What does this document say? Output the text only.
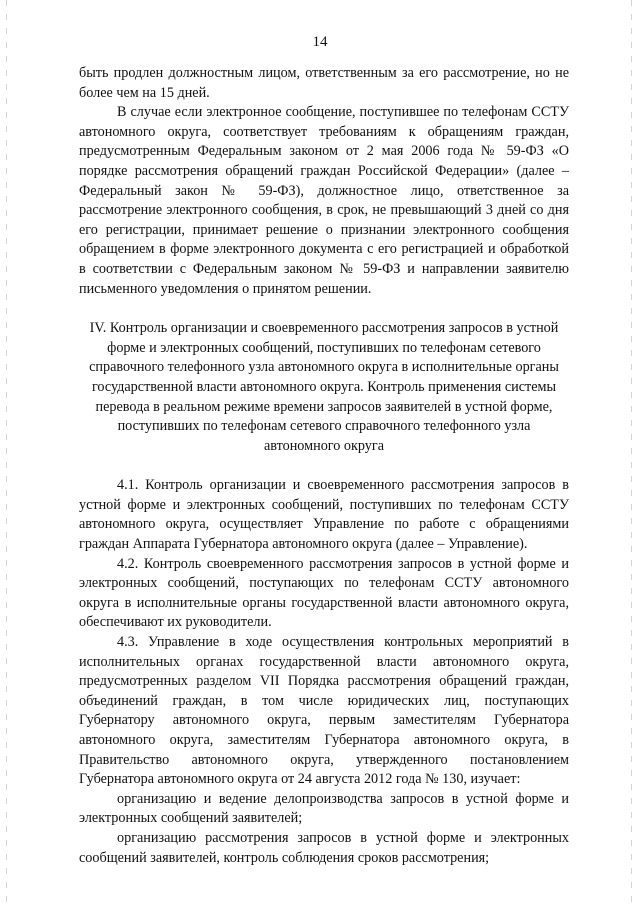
14

быть продлен должностным лицом, ответственным за его рассмотрение, но не более чем на 15 дней.

В случае если электронное сообщение, поступившее по телефонам ССТУ автономного округа, соответствует требованиям к обращениям граждан, предусмотренным Федеральным законом от 2 мая 2006 года № 59-ФЗ «О порядке рассмотрения обращений граждан Российской Федерации» (далее – Федеральный закон № 59-ФЗ), должностное лицо, ответственное за рассмотрение электронного сообщения, в срок, не превышающий 3 дней со дня его регистрации, принимает решение о признании электронного сообщения обращением в форме электронного документа с его регистрацией и обработкой в соответствии с Федеральным законом № 59-ФЗ и направлении заявителю письменного уведомления о принятом решении.

IV. Контроль организации и своевременного рассмотрения запросов в устной форме и электронных сообщений, поступивших по телефонам сетевого справочного телефонного узла автономного округа в исполнительные органы государственной власти автономного округа. Контроль применения системы перевода в реальном режиме времени запросов заявителей в устной форме, поступивших по телефонам сетевого справочного телефонного узла автономного округа

4.1. Контроль организации и своевременного рассмотрения запросов в устной форме и электронных сообщений, поступивших по телефонам ССТУ автономного округа, осуществляет Управление по работе с обращениями граждан Аппарата Губернатора автономного округа (далее – Управление).

4.2. Контроль своевременного рассмотрения запросов в устной форме и электронных сообщений, поступающих по телефонам ССТУ автономного округа в исполнительные органы государственной власти автономного округа, обеспечивают их руководители.

4.3. Управление в ходе осуществления контрольных мероприятий в исполнительных органах государственной власти автономного округа, предусмотренных разделом VII Порядка рассмотрения обращений граждан, объединений граждан, в том числе юридических лиц, поступающих Губернатору автономного округа, первым заместителям Губернатора автономного округа, заместителям Губернатора автономного округа, в Правительство автономного округа, утвержденного постановлением Губернатора автономного округа от 24 августа 2012 года № 130, изучает:

организацию и ведение делопроизводства запросов в устной форме и электронных сообщений заявителей;

организацию рассмотрения запросов в устной форме и электронных сообщений заявителей, контроль соблюдения сроков рассмотрения;
